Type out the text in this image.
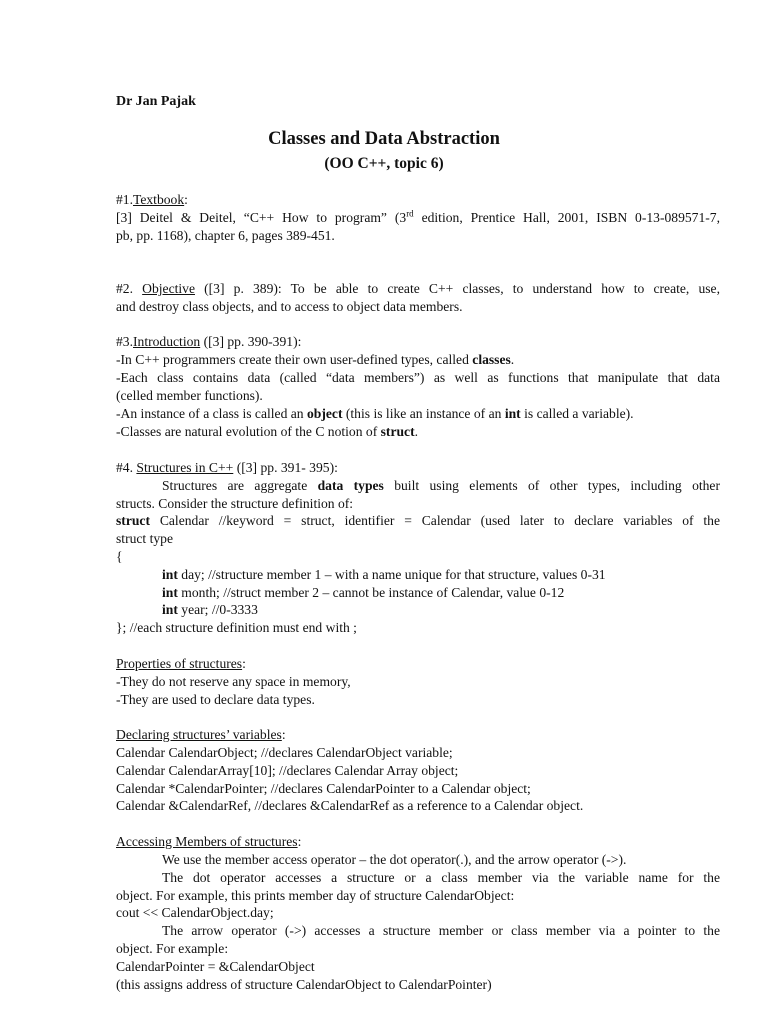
Dr Jan Pajak
Classes and Data Abstraction
(OO C++, topic 6)
#1.Textbook:
[3] Deitel & Deitel, “C++ How to program” (3rd edition, Prentice Hall, 2001, ISBN 0-13-089571-7,
pb, pp. 1168), chapter 6, pages 389-451.
#2. Objective ([3] p. 389): To be able to create C++ classes, to understand how to create, use,
and destroy class objects, and to access to object data members.
#3.Introduction ([3] pp. 390-391):
-In C++ programmers create their own user-defined types, called classes.
-Each class contains data (called “data members”) as well as functions that manipulate that data
(celled member functions).
-An instance of a class is called an object (this is like an instance of an int is called a variable).
-Classes are natural evolution of the C notion of struct.
#4. Structures in C++ ([3] pp. 391- 395):
Structures are aggregate data types built using elements of other types, including other
structs. Consider the structure definition of:
struct Calendar //keyword = struct, identifier = Calendar (used later to declare variables of the
struct type
{
int day; //structure member 1 – with a name unique for that structure, values 0-31
int month; //struct member 2 – cannot be instance of Calendar, value 0-12
int year; //0-3333
}; //each structure definition must end with ;
Properties of structures:
-They do not reserve any space in memory,
-They are used to declare data types.
Declaring structures’ variables:
Calendar CalendarObject; //declares CalendarObject variable;
Calendar CalendarArray[10]; //declares Calendar Array object;
Calendar *CalendarPointer; //declares CalendarPointer to a Calendar object;
Calendar &CalendarRef, //declares &CalendarRef as a reference to a Calendar object.
Accessing Members of structures:
We use the member access operator – the dot operator(.), and the arrow operator (->).
The dot operator accesses a structure or a class member via the variable name for the
object. For example, this prints member day of structure CalendarObject:
cout << CalendarObject.day;
The arrow operator (->) accesses a structure member or class member via a pointer to the
object. For example:
CalendarPointer = &CalendarObject
(this assigns address of structure CalendarObject to CalendarPointer)
